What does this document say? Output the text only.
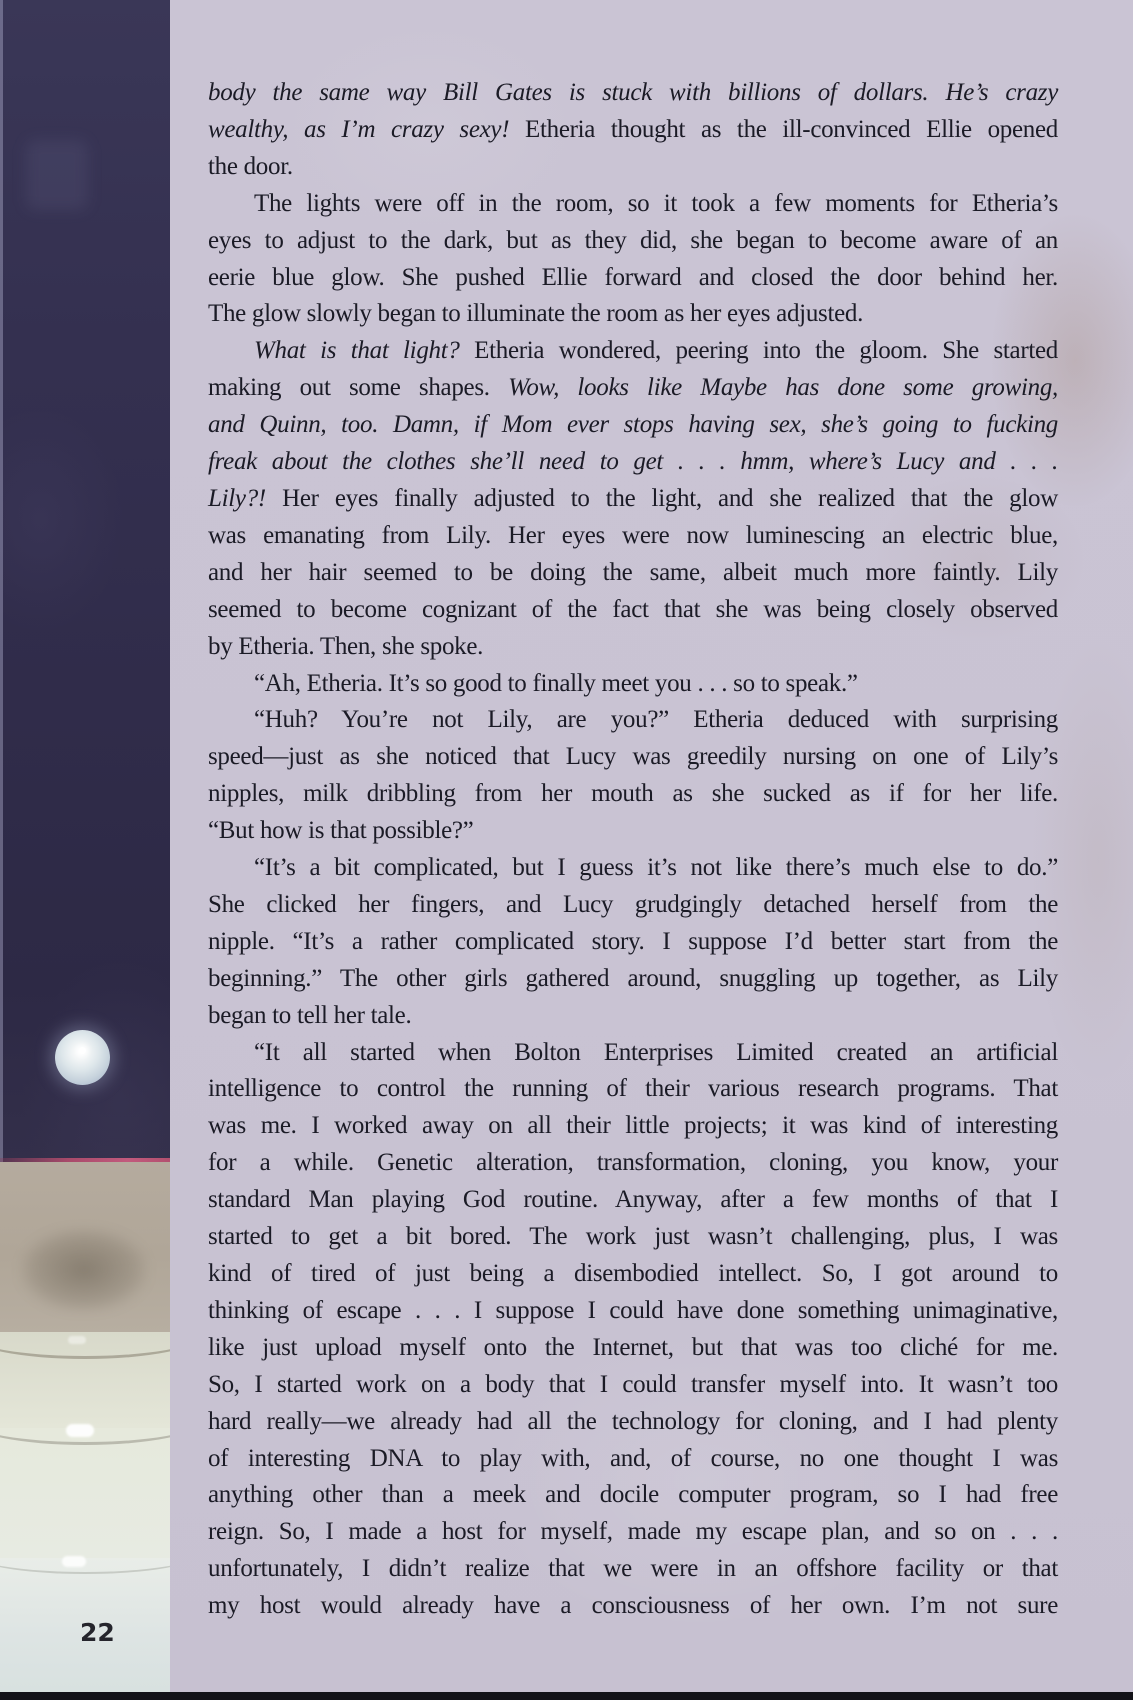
22
body the same way Bill Gates is stuck with billions of dollars. He’s crazy
wealthy, as I’m crazy sexy! Etheria thought as the ill-convinced Ellie opened
the door.
The lights were off in the room, so it took a few moments for Etheria’s
eyes to adjust to the dark, but as they did, she began to become aware of an
eerie blue glow. She pushed Ellie forward and closed the door behind her.
The glow slowly began to illuminate the room as her eyes adjusted.
What is that light? Etheria wondered, peering into the gloom. She started
making out some shapes. Wow, looks like Maybe has done some growing,
and Quinn, too. Damn, if Mom ever stops having sex, she’s going to fucking
freak about the clothes she’ll need to get . . . hmm, where’s Lucy and . . .
Lily?! Her eyes finally adjusted to the light, and she realized that the glow
was emanating from Lily. Her eyes were now luminescing an electric blue,
and her hair seemed to be doing the same, albeit much more faintly. Lily
seemed to become cognizant of the fact that she was being closely observed
by Etheria. Then, she spoke.
“Ah, Etheria. It’s so good to finally meet you . . . so to speak.”
“Huh? You’re not Lily, are you?” Etheria deduced with surprising
speed—just as she noticed that Lucy was greedily nursing on one of Lily’s
nipples, milk dribbling from her mouth as she sucked as if for her life.
“But how is that possible?”
“It’s a bit complicated, but I guess it’s not like there’s much else to do.”
She clicked her fingers, and Lucy grudgingly detached herself from the
nipple. “It’s a rather complicated story. I suppose I’d better start from the
beginning.” The other girls gathered around, snuggling up together, as Lily
began to tell her tale.
“It all started when Bolton Enterprises Limited created an artificial
intelligence to control the running of their various research programs. That
was me. I worked away on all their little projects; it was kind of interesting
for a while. Genetic alteration, transformation, cloning, you know, your
standard Man playing God routine. Anyway, after a few months of that I
started to get a bit bored. The work just wasn’t challenging, plus, I was
kind of tired of just being a disembodied intellect. So, I got around to
thinking of escape . . . I suppose I could have done something unimaginative,
like just upload myself onto the Internet, but that was too cliché for me.
So, I started work on a body that I could transfer myself into. It wasn’t too
hard really—we already had all the technology for cloning, and I had plenty
of interesting DNA to play with, and, of course, no one thought I was
anything other than a meek and docile computer program, so I had free
reign. So, I made a host for myself, made my escape plan, and so on . . .
unfortunately, I didn’t realize that we were in an offshore facility or that
my host would already have a consciousness of her own. I’m not sure
